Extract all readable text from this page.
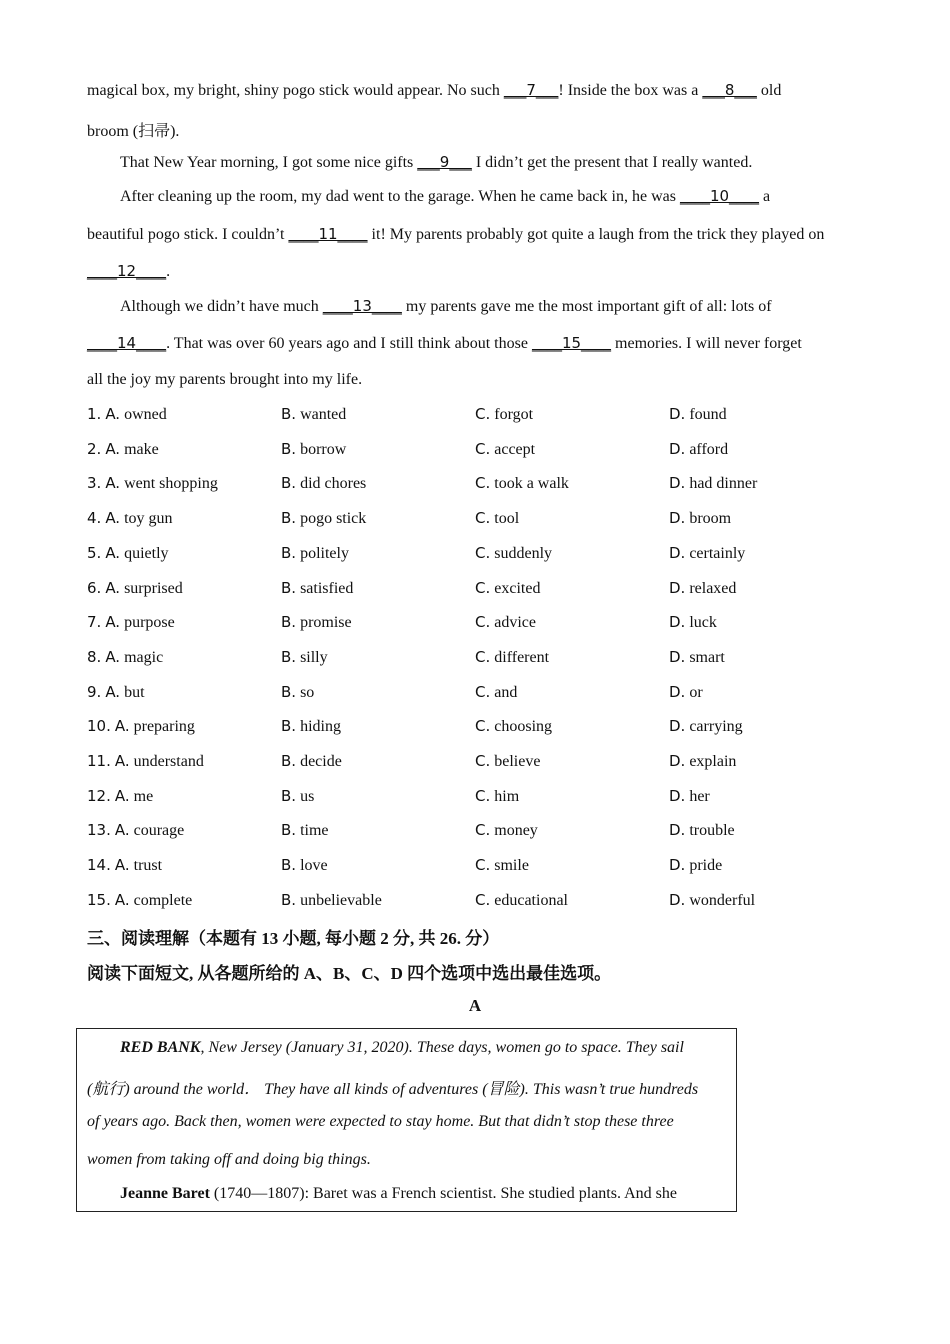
magical box, my bright, shiny pogo stick would appear. No such ___7___! Inside the box was a ___8___ old
broom (扫帚).
That New Year morning, I got some nice gifts ___9___ I didn’t get the present that I really wanted.
After cleaning up the room, my dad went to the garage. When he came back in, he was ____10____ a
beautiful pogo stick. I couldn’t ____11____ it! My parents probably got quite a laugh from the trick they played on
____12____.
Although we didn’t have much ____13____ my parents gave me the most important gift of all: lots of
____14____. That was over 60 years ago and I still think about those ____15____ memories. I will never forget
all the joy my parents brought into my life.
1. A. owned	B. wanted	C. forgot	D. found
2. A. make	B. borrow	C. accept	D. afford
3. A. went shopping	B. did chores	C. took a walk	D. had dinner
4. A. toy gun	B. pogo stick	C. tool	D. broom
5. A. quietly	B. politely	C. suddenly	D. certainly
6. A. surprised	B. satisfied	C. excited	D. relaxed
7. A. purpose	B. promise	C. advice	D. luck
8. A. magic	B. silly	C. different	D. smart
9. A. but	B. so	C. and	D. or
10. A. preparing	B. hiding	C. choosing	D. carrying
11. A. understand	B. decide	C. believe	D. explain
12. A. me	B. us	C. him	D. her
13. A. courage	B. time	C. money	D. trouble
14. A. trust	B. love	C. smile	D. pride
15. A. complete	B. unbelievable	C. educational	D. wonderful
三、阅读理解（本题有 13 小题, 每小题 2 分, 共 26. 分）
阅读下面短文, 从各题所给的 A、B、C、D 四个选项中选出最佳选项。
A
RED BANK, New Jersey (January 31, 2020). These days, women go to space. They sail
(航行) around the world． They have all kinds of adventures (冒险). This wasn’t true hundreds
of years ago. Back then, women were expected to stay home. But that didn’t stop these three
women from taking off and doing big things.
Jeanne Baret (1740—1807): Baret was a French scientist. She studied plants. And she
